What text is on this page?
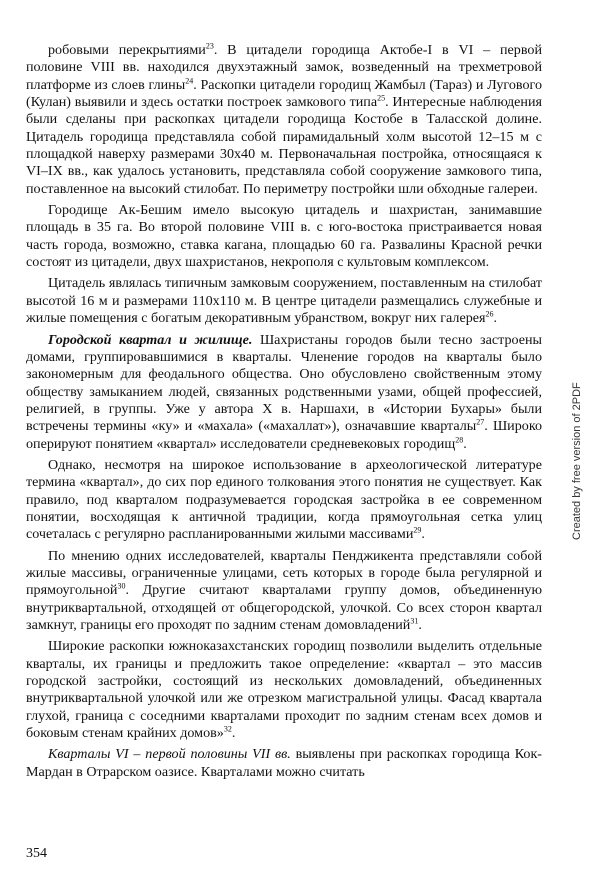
робовыми перекрытиями$^{23}$. В цитадели городища Актобе-I в VI – первой половине VIII вв. находился двухэтажный замок, возведенный на трехметровой платформе из слоев глины$^{24}$. Раскопки цитадели городищ Жамбыл (Тараз) и Лугового (Кулан) выявили и здесь остатки построек замкового типа$^{25}$. Интересные наблюдения были сделаны при раскопках цитадели городища Костобе в Таласской долине. Цитадель городища представляла собой пирамидальный холм высотой 12–15 м с площадкой наверху размерами 30х40 м. Первоначальная постройка, относящаяся к VI–IX вв., как удалось установить, представляла собой сооружение замкового типа, поставленное на высокий стилобат. По периметру постройки шли обходные галереи.

Городище Ак-Бешим имело высокую цитадель и шахристан, занимавшие площадь в 35 га. Во второй половине VIII в. с юго-востока пристраивается новая часть города, возможно, ставка кагана, площадью 60 га. Развалины Красной речки состоят из цитадели, двух шахристанов, некрополя с культовым комплексом.

Цитадель являлась типичным замковым сооружением, поставленным на стилобат высотой 16 м и размерами 110х110 м. В центре цитадели размещались служебные и жилые помещения с богатым декоративным убранством, вокруг них галерея$^{26}$.

Городской квартал и жилище. Шахристаны городов были тесно застроены домами, группировавшимися в кварталы. Членение городов на кварталы было закономерным для феодального общества. Оно обусловлено свойственным этому обществу замыканием людей, связанных родственными узами, общей профессией, религией, в группы. Уже у автора Х в. Наршахи, в «Истории Бухары» были встречены термины «ку» и «махала» («махаллат»), означавшие кварталы$^{27}$. Широко оперируют понятием «квартал» исследователи средневековых городищ$^{28}$.

Однако, несмотря на широкое использование в археологической литературе термина «квартал», до сих пор единого толкования этого понятия не существует. Как правило, под кварталом подразумевается городская застройка в ее современном понятии, восходящая к античной традиции, когда прямоугольная сетка улиц сочеталась с регулярно распланированными жилыми массивами$^{29}$.

По мнению одних исследователей, кварталы Пенджикента представляли собой жилые массивы, ограниченные улицами, сеть которых в городе была регулярной и прямоугольной$^{30}$. Другие считают кварталами группу домов, объединенную внутриквартальной, отходящей от общегородской, улочкой. Со всех сторон квартал замкнут, границы его проходят по задним стенам домовладений$^{31}$.

Широкие раскопки южноказахстанских городищ позволили выделить отдельные кварталы, их границы и предложить такое определение: «квартал – это массив городской застройки, состоящий из нескольких домовладений, объединенных внутриквартальной улочкой или же отрезком магистральной улицы. Фасад квартала глухой, граница с соседними кварталами проходит по задним стенам всех домов и боковым стенам крайних домов»$^{32}$.

Кварталы VI – первой половины VII вв. выявлены при раскопках городища Кок-Мардан в Отрарском оазисе. Кварталами можно считать

Created by free version of 2PDF
354
